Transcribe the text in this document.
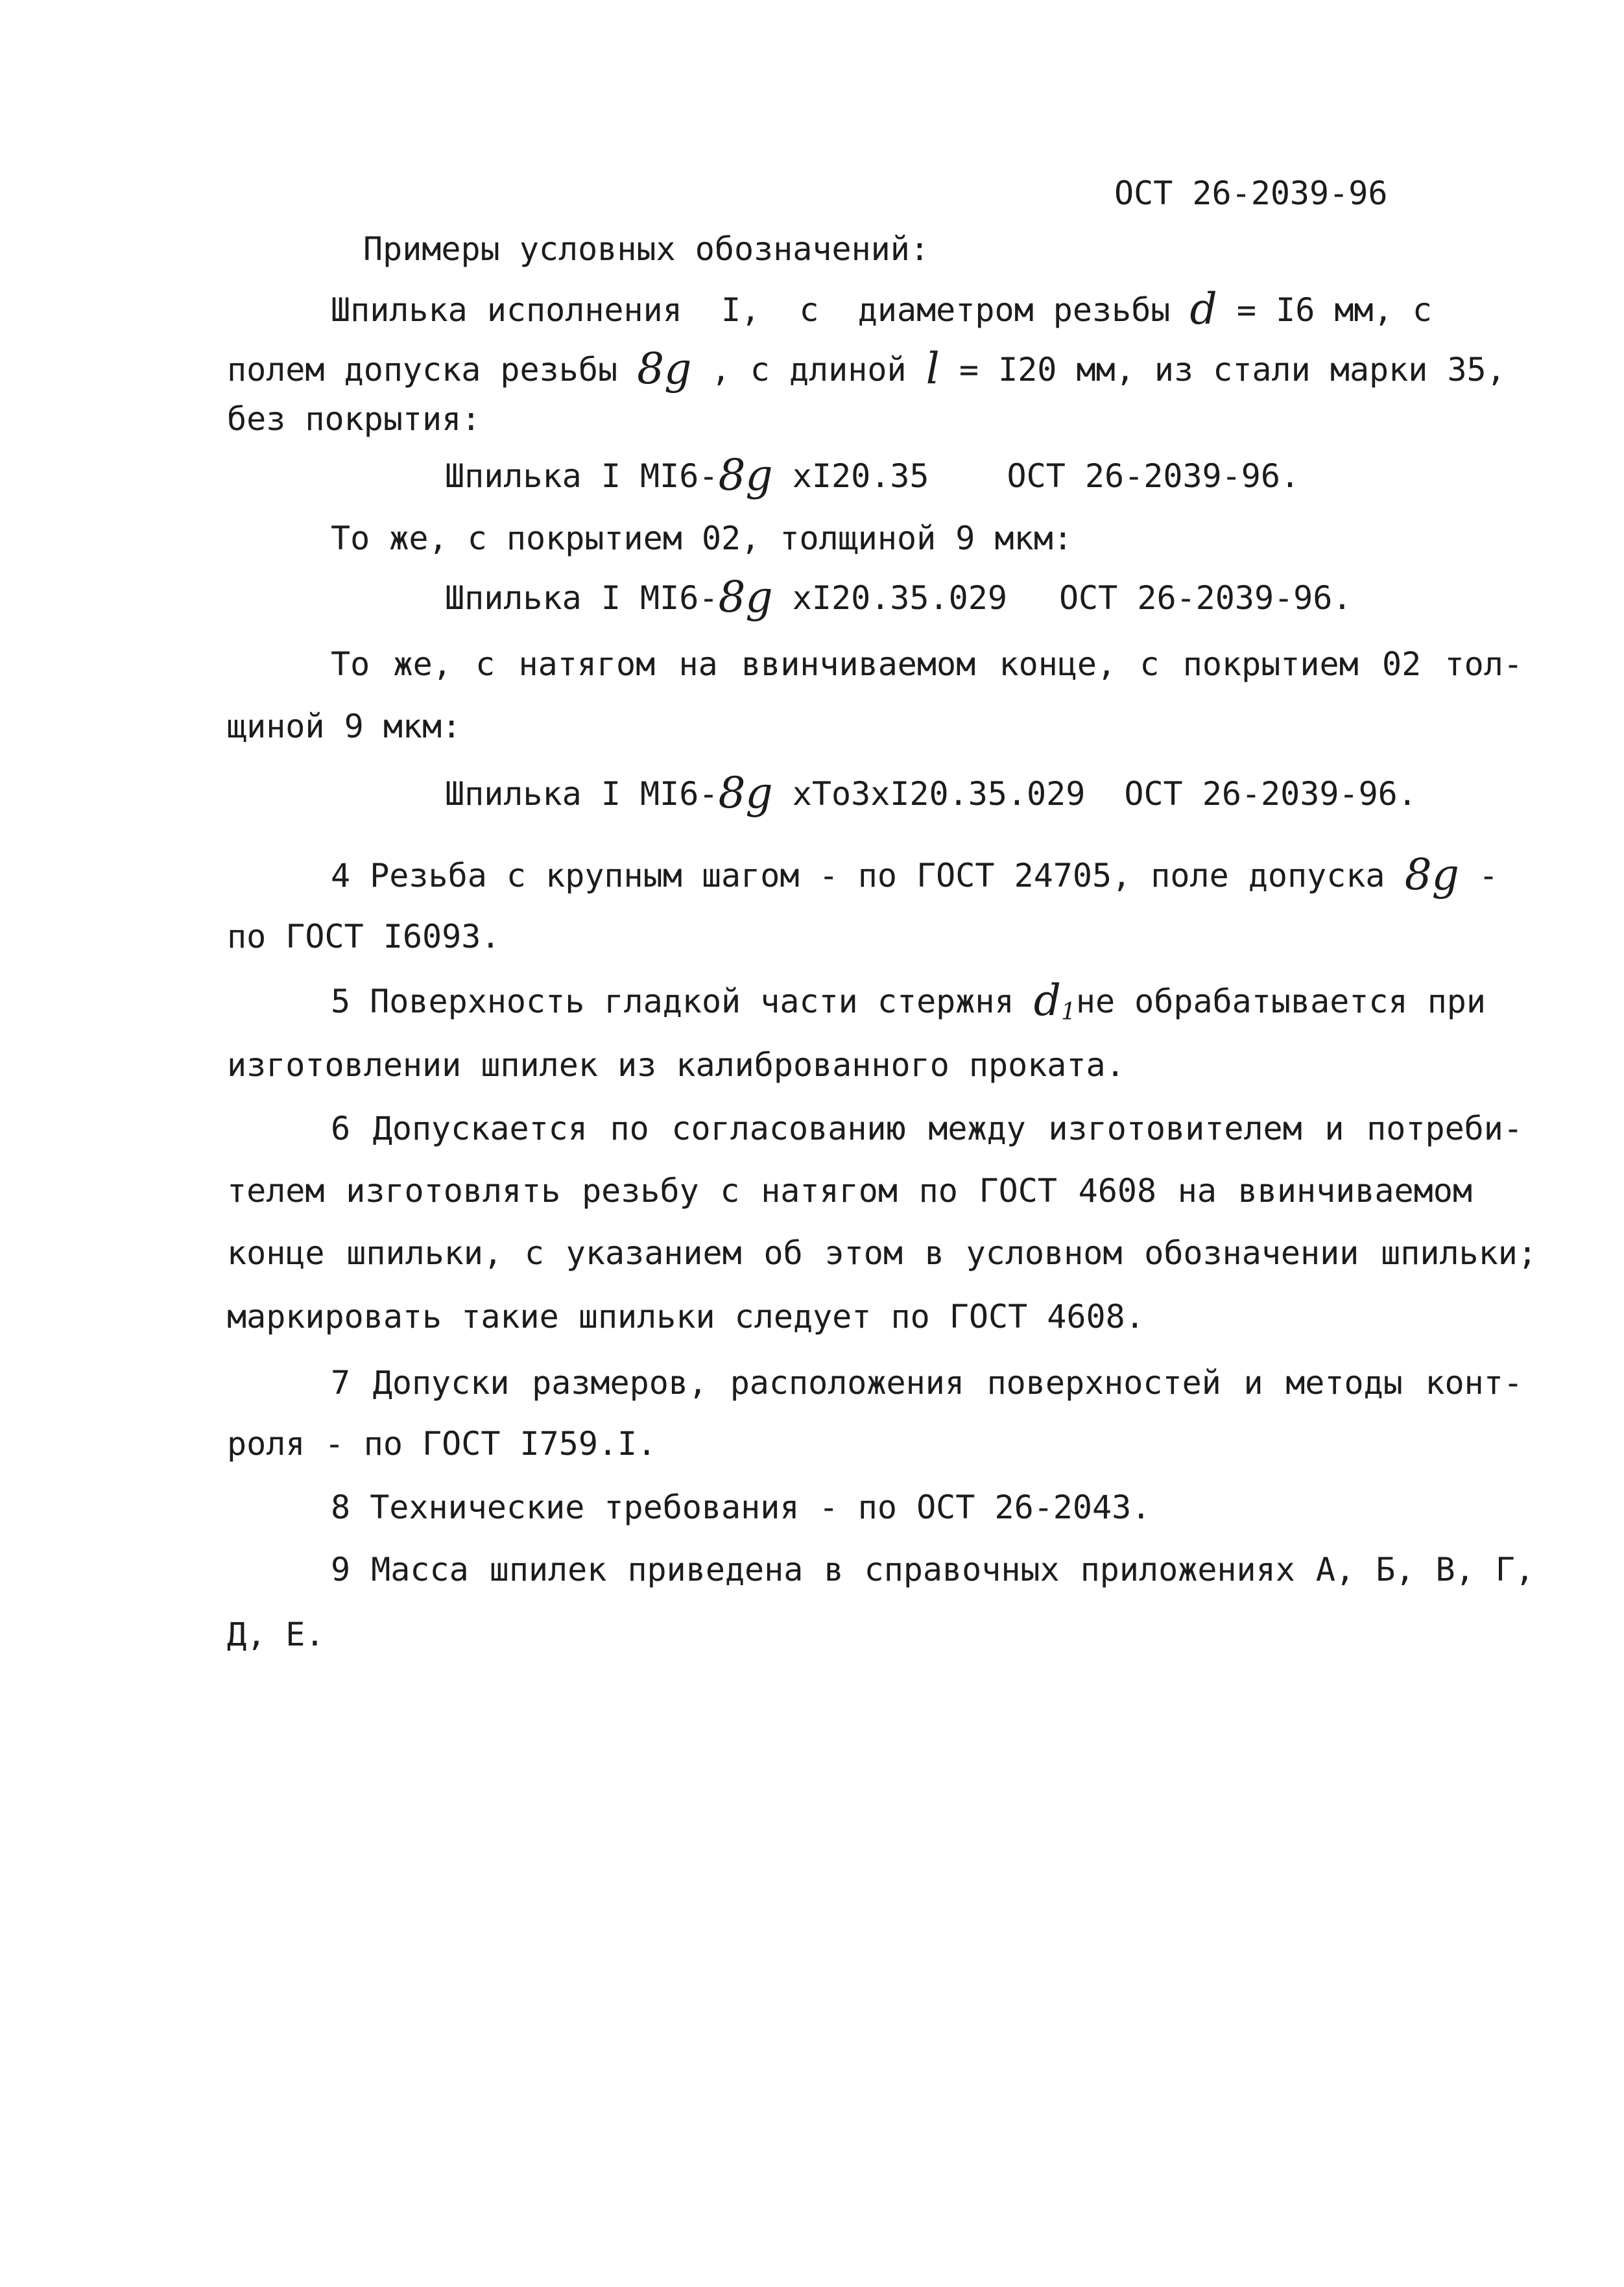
ОСТ 26-2039-96
Примеры условных обозначений:
Шпилька исполнения  I,  с  диаметром резьбы d = I6 мм, с
полем допуска резьбы 8g , с длиной l = I20 мм, из стали марки 35,
без покрытия:
Шпилька I MI6-8g xI20.35 ОСТ 26-2039-96.
То же, с покрытием 02, толщиной 9 мкм:
Шпилька I MI6-8g xI20.35.029 ОСТ 26-2039-96.
То же, с натягом на ввинчиваемом конце, с покрытием 02 тол-
щиной 9 мкм:
Шпилька I MI6-8g xTo3xI20.35.029 ОСТ 26-2039-96.
4 Резьба с крупным шагом - по ГОСТ 24705, поле допуска 8g -
по ГОСТ I6093.
5 Поверхность гладкой части стержня $d_1не$ обрабатывается при
изготовлении шпилек из калиброванного проката.
6 Допускается по согласованию между изготовителем и потреби-
телем изготовлять резьбу с натягом по ГОСТ 4608 на ввинчиваемом
конце шпильки, с указанием об этом в условном обозначении шпильки;
маркировать такие шпильки следует по ГОСТ 4608.
7 Допуски размеров, расположения поверхностей и методы конт-
роля - по ГОСТ I759.I.
8 Технические требования - по ОСТ 26-2043.
9 Масса шпилек приведена в справочных приложениях А, Б, В, Г,
Д, Е.
